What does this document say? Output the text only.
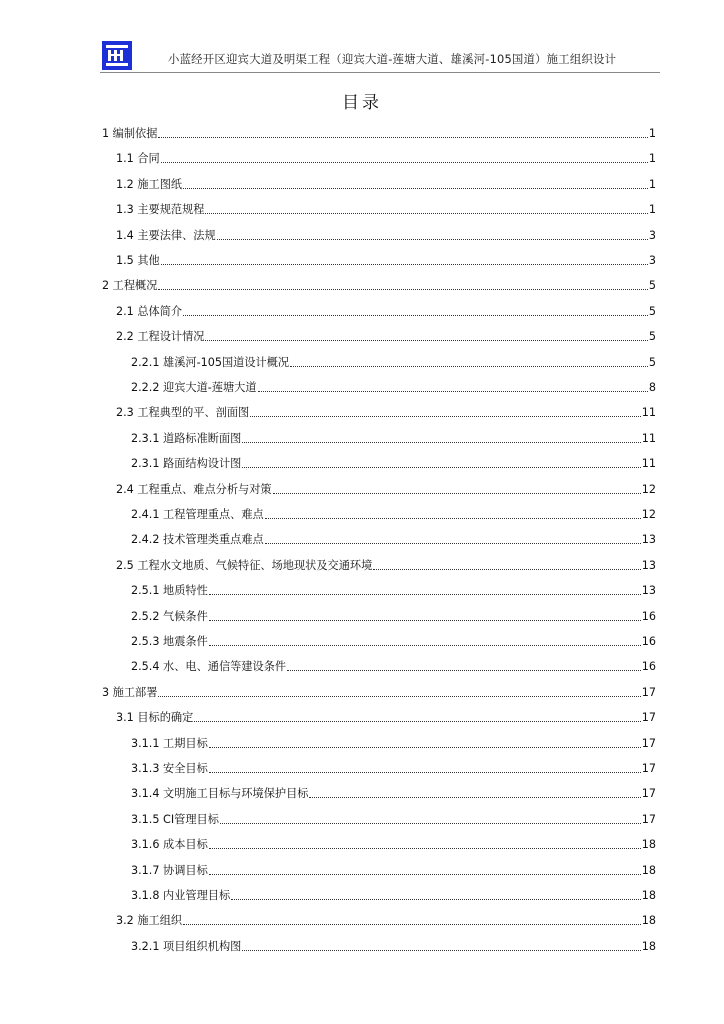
小蓝经开区迎宾大道及明渠工程（迎宾大道-莲塘大道、雄溪河-105国道）施工组织设计
目录
1 编制依据	1
1.1 合同	1
1.2 施工图纸	1
1.3 主要规范规程	1
1.4 主要法律、法规	3
1.5 其他	3
2 工程概况	5
2.1 总体简介	5
2.2 工程设计情况	5
2.2.1 雄溪河-105国道设计概况	5
2.2.2 迎宾大道-莲塘大道	8
2.3 工程典型的平、剖面图	11
2.3.1 道路标准断面图	11
2.3.1 路面结构设计图	11
2.4 工程重点、难点分析与对策	12
2.4.1 工程管理重点、难点	12
2.4.2 技术管理类重点难点	13
2.5 工程水文地质、气候特征、场地现状及交通环境	13
2.5.1 地质特性	13
2.5.2 气候条件	16
2.5.3 地震条件	16
2.5.4 水、电、通信等建设条件	16
3 施工部署	17
3.1 目标的确定	17
3.1.1 工期目标	17
3.1.3 安全目标	17
3.1.4 文明施工目标与环境保护目标	17
3.1.5 CI管理目标	17
3.1.6 成本目标	18
3.1.7 协调目标	18
3.1.8 内业管理目标	18
3.2 施工组织	18
3.2.1 项目组织机构图	18
